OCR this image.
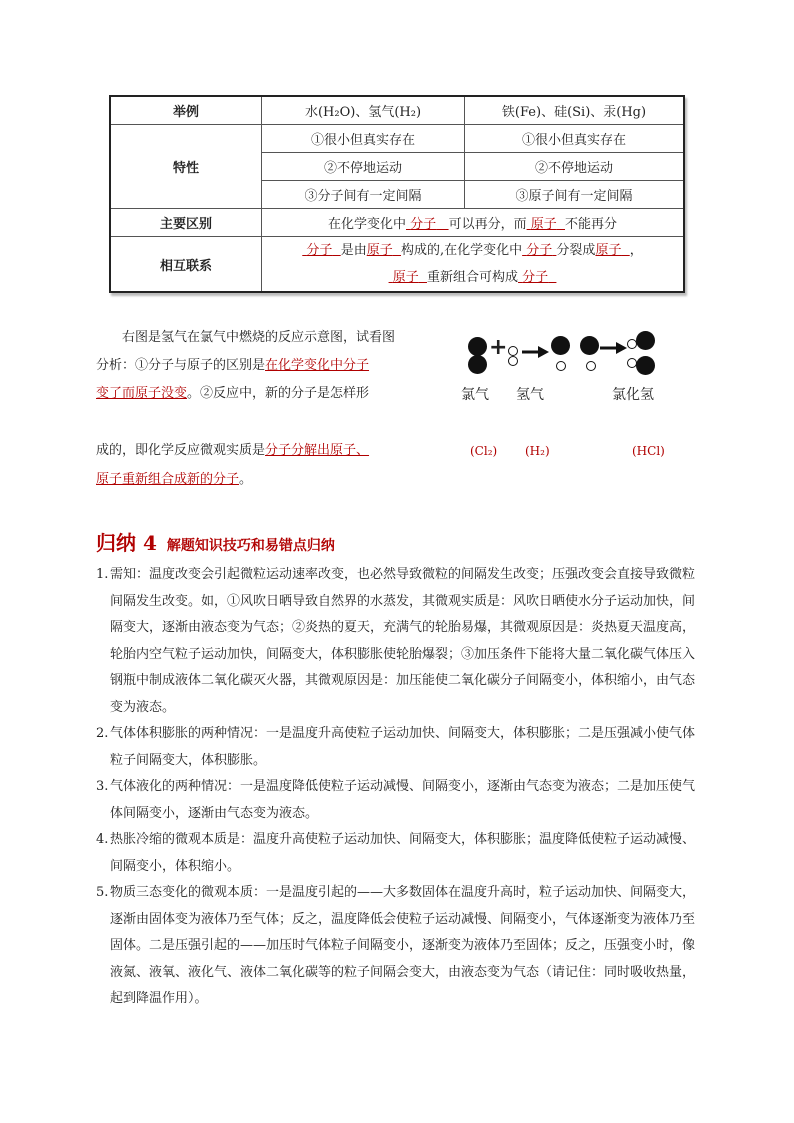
举例	水(H₂O)、氢气(H₂)	铁(Fe)、硅(Si)、汞(Hg)
特性	①很小但真实存在	①很小但真实存在
	②不停地运动	②不停地运动
	③分子间有一定间隔	③原子间有一定间隔
主要区别	在化学变化中 分子 可以再分，而 原子 不能再分	
相互联系	分子 是由原子 构成的,在化学变化中 分子 分裂成原子 ，
原子 重新组合可构成 分子	
右图是氢气在氯气中燃烧的反应示意图，试看图
分析：①分子与原子的区别是在化学变化中分子
变了而原子没变。②反应中，新的分子是怎样形
成的，即化学反应微观实质是分子分解出原子、
原子重新组合成新的分子。
+
氯气 氢气	氯化氢
(Cl₂) (H₂)	(HCl)
归纳 4 解题知识技巧和易错点归纳
1. 需知：温度改变会引起微粒运动速率改变，也必然导致微粒的间隔发生改变；压强改变会直接导致微粒间隔发生改变。如，①风吹日晒导致自然界的水蒸发，其微观实质是：风吹日晒使水分子运动加快，间隔变大，逐渐由液态变为气态；②炎热的夏天，充满气的轮胎易爆，其微观原因是：炎热夏天温度高，轮胎内空气粒子运动加快，间隔变大，体积膨胀使轮胎爆裂；③加压条件下能将大量二氧化碳气体压入钢瓶中制成液体二氧化碳灭火器，其微观原因是：加压能使二氧化碳分子间隔变小，体积缩小，由气态变为液态。
2. 气体体积膨胀的两种情况：一是温度升高使粒子运动加快、间隔变大，体积膨胀；二是压强减小使气体粒子间隔变大，体积膨胀。
3. 气体液化的两种情况：一是温度降低使粒子运动减慢、间隔变小，逐渐由气态变为液态；二是加压使气体间隔变小，逐渐由气态变为液态。
4. 热胀冷缩的微观本质是：温度升高使粒子运动加快、间隔变大，体积膨胀；温度降低使粒子运动减慢、间隔变小，体积缩小。
5. 物质三态变化的微观本质：一是温度引起的——大多数固体在温度升高时，粒子运动加快、间隔变大，逐渐由固体变为液体乃至气体；反之，温度降低会使粒子运动减慢、间隔变小，气体逐渐变为液体乃至固体。二是压强引起的——加压时气体粒子间隔变小，逐渐变为液体乃至固体；反之，压强变小时，像液氮、液氧、液化气、液体二氧化碳等的粒子间隔会变大，由液态变为气态（请记住：同时吸收热量，起到降温作用）。
